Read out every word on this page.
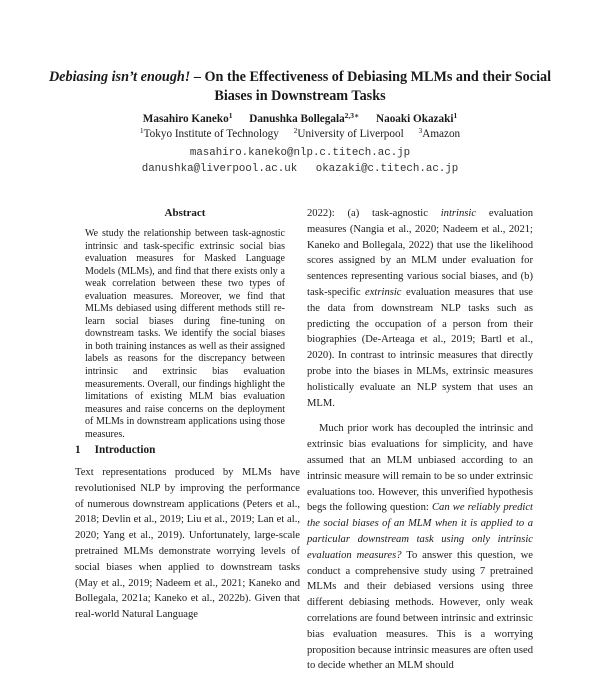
Debiasing isn’t enough! – On the Effectiveness of Debiasing MLMs and their Social Biases in Downstream Tasks
Masahiro Kaneko$^1$ Danushka Bollegala$^{2,3∗}$ Naoaki Okazaki$^1$
$^1$Tokyo Institute of Technology $^2$University of Liverpool $^3$Amazon
masahiro.kaneko@nlp.c.titech.ac.jp
danushka@liverpool.ac.uk okazaki@c.titech.ac.jp
Abstract

We study the relationship between task-agnostic intrinsic and task-specific extrinsic social bias evaluation measures for Masked Language Models (MLMs), and find that there exists only a weak correlation between these two types of evaluation measures. Moreover, we find that MLMs debiased using different methods still re-learn social biases during fine-tuning on downstream tasks. We identify the social biases in both training instances as well as their assigned labels as reasons for the discrepancy between intrinsic and extrinsic bias evaluation measurements. Overall, our findings highlight the limitations of existing MLM bias evaluation measures and raise concerns on the deployment of MLMs in downstream applications using those measures.

1 Introduction

Text representations produced by MLMs have revolutionised NLP by improving the performance of numerous downstream applications (Peters et al., 2018; Devlin et al., 2019; Liu et al., 2019; Lan et al., 2020; Yang et al., 2019). Unfortunately, large-scale pretrained MLMs demonstrate worrying levels of social biases when applied to downstream tasks (May et al., 2019; Nadeem et al., 2021; Kaneko and Bollegala, 2021a; Kaneko et al., 2022b). Given that real-world Natural Language

2022): (a) task-agnostic intrinsic evaluation measures (Nangia et al., 2020; Nadeem et al., 2021; Kaneko and Bollegala, 2022) that use the likelihood scores assigned by an MLM under evaluation for sentences representing various social biases, and (b) task-specific extrinsic evaluation measures that use the data from downstream NLP tasks such as predicting the occupation of a person from their biographies (De-Arteaga et al., 2019; Bartl et al., 2020). In contrast to intrinsic measures that directly probe into the biases in MLMs, extrinsic measures holistically evaluate an NLP system that uses an MLM.

Much prior work has decoupled the intrinsic and extrinsic bias evaluations for simplicity, and have assumed that an MLM unbiased according to an intrinsic measure will remain to be so under extrinsic evaluations too. However, this unverified hypothesis begs the following question: Can we reliably predict the social biases of an MLM when it is applied to a particular downstream task using only intrinsic evaluation measures? To answer this question, we conduct a comprehensive study using 7 pretrained MLMs and their debiased versions using three different debiasing methods. However, only weak correlations are found between intrinsic and extrinsic bias evaluation measures. This is a worrying proposition because intrinsic measures are often used to decide whether an MLM should
